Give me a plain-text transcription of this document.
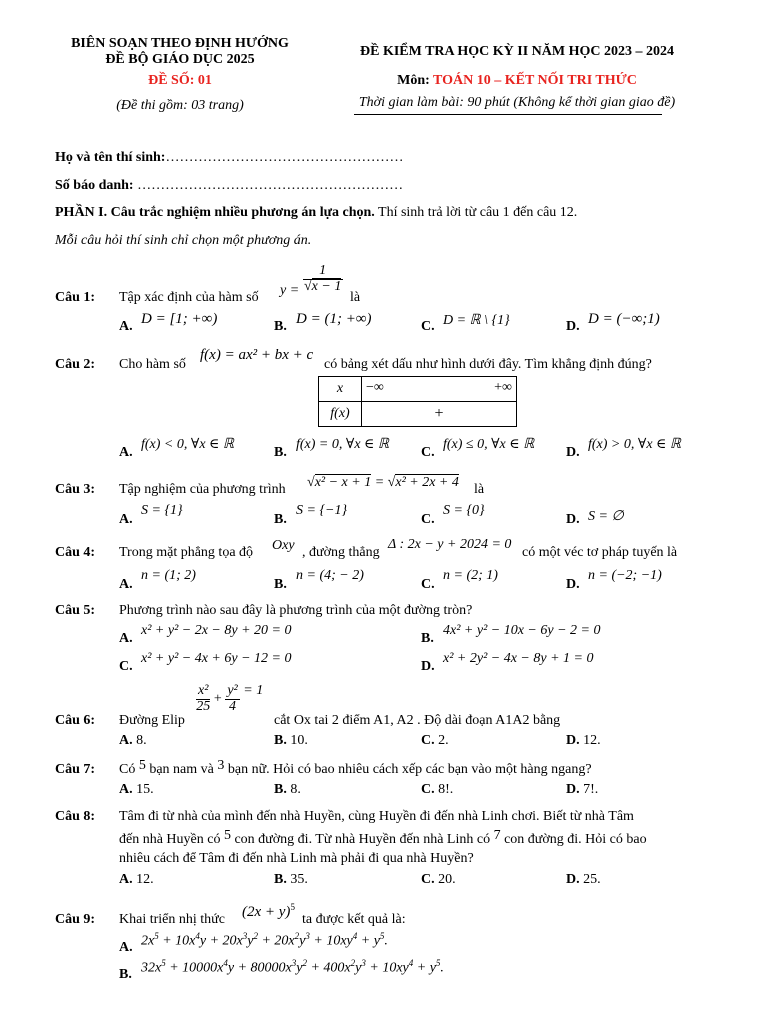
BIÊN SOẠN THEO ĐỊNH HƯỚNG
ĐỀ BỘ GIÁO DỤC 2025
ĐỀ SỐ: 01
(Đề thi gồm: 03 trang)
ĐỀ KIỂM TRA HỌC KỲ II NĂM HỌC 2023 – 2024
Môn: TOÁN 10 – KẾT NỐI TRI THỨC
Thời gian làm bài: 90 phút (Không kể thời gian giao đề)
Họ và tên thí sinh:……………………………………………
Số báo danh: …………………………………………………
PHẦN I. Câu trắc nghiệm nhiều phương án lựa chọn. Thí sinh trả lời từ câu 1 đến câu 12.
Mỗi câu hỏi thí sinh chỉ chọn một phương án.
Câu 1: Tập xác định của hàm số $y = \frac{1}{√x - 1}$
là
A. D = [1; +∞)	B. D = (1; +∞)	C. D = ℝ \ {1}	D. D = (−∞;1)
Câu 2: Cho hàm số
f(x) = ax² + bx + c
có bảng xét dấu như hình dưới đây. Tìm khẳng định đúng?
x	−∞ +∞

f(x)	+
A.
f(x) < 0, ∀x ∈ ℝ
B.
f(x) = 0, ∀x ∈ ℝ
C.
f(x) ≤ 0, ∀x ∈ ℝ
D.
f(x) > 0, ∀x ∈ ℝ
Câu 3: Tập nghiệm của phương trình √x² − x + 1 = √x² + 2x + 4 là
A.
S = {1}
B.
S = {−1}
C.
S = {0}
D. S = ∅
Câu 4: Trong mặt phẳng tọa độ Oxy , đường thẳng
Δ : 2x − y + 2024 = 0
có một véc tơ pháp tuyến là
A.
n = (1; 2)
B.
n = (4; − 2)
C.
n = (2; 1)
D.
n = (−2; −1)
Câu 5: Phương trình nào sau đây là phương trình của một đường tròn?
A.
x² + y² − 2x − 8y + 20 = 0
B.
4x² + y² − 10x − 6y − 2 = 0
C.
x² + y² − 4x + 6y − 12 = 0
D.
x² + 2y² − 4x − 8y + 1 = 0
Câu 6: Đường Elip
$\frac{\text{x²}}{25} + \frac{\text{y²}}{4} = 1$
cắt Ox tai 2 điểm A1, A2 . Độ dài đoạn A1A2 bằng
A. 8.	B. 10.	C. 2.	D. 12.
Câu 7: Có 5 bạn nam và 3 bạn nữ. Hỏi có bao nhiêu cách xếp các bạn vào một hàng ngang?
A. 15.	B. 8.	C. 8!.	D. 7!.
Câu 8: Tâm đi từ nhà của mình đến nhà Huyền, cùng Huyền đi đến nhà Linh chơi. Biết từ nhà Tâm
đến nhà Huyền có 5 con đường đi. Từ nhà Huyền đến nhà Linh có 7 con đường đi. Hỏi có bao
nhiêu cách để Tâm đi đến nhà Linh mà phải đi qua nhà Huyền?
A. 12.	B. 35.	C. 20.	D. 25.
Câu 9: Khai triển nhị thức $(2x + y)^5$
ta được kết quả là:
A. $2x^5 + 10x^4y + 20x^3y^2 + 20x^2y^3 + 10xy^4 + y^5$.
B. $32x^5 + 10000x^4y + 80000x^3y^2 + 400x^2y^3 + 10xy^4 + y^5$.
